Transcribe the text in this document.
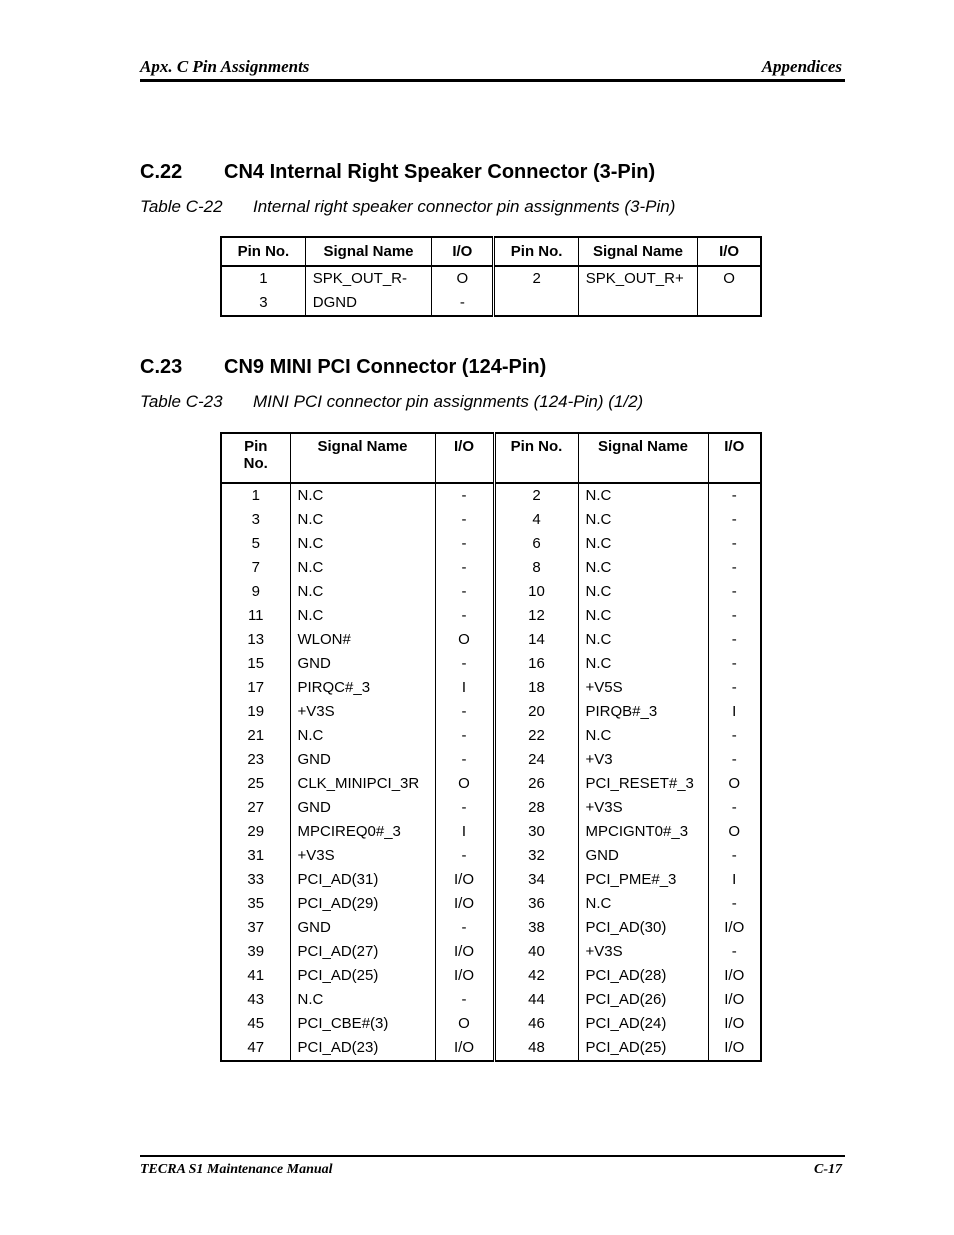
Apx. C Pin Assignments	Appendices
C.22 CN4 Internal Right Speaker Connector (3-Pin)
Table C-22 Internal right speaker connector pin assignments (3-Pin)
Pin No.	Signal Name	I/O	Pin No.	Signal Name	I/O
1	SPK_OUT_R-	O	2	SPK_OUT_R+	O
3	DGND	-			
C.23 CN9 MINI PCI Connector (124-Pin)
Table C-23 MINI PCI connector pin assignments (124-Pin) (1/2)
Pin No.	Signal Name	I/O	Pin No.	Signal Name	I/O
1	N.C	-	2	N.C	-
3	N.C	-	4	N.C	-
5	N.C	-	6	N.C	-
7	N.C	-	8	N.C	-
9	N.C	-	10	N.C	-
11	N.C	-	12	N.C	-
13	WLON#	O	14	N.C	-
15	GND	-	16	N.C	-
17	PIRQC#_3	I	18	+V5S	-
19	+V3S	-	20	PIRQB#_3	I
21	N.C	-	22	N.C	-
23	GND	-	24	+V3	-
25	CLK_MINIPCI_3R	O	26	PCI_RESET#_3	O
27	GND	-	28	+V3S	-
29	MPCIREQ0#_3	I	30	MPCIGNT0#_3	O
31	+V3S	-	32	GND	-
33	PCI_AD(31)	I/O	34	PCI_PME#_3	I
35	PCI_AD(29)	I/O	36	N.C	-
37	GND	-	38	PCI_AD(30)	I/O
39	PCI_AD(27)	I/O	40	+V3S	-
41	PCI_AD(25)	I/O	42	PCI_AD(28)	I/O
43	N.C	-	44	PCI_AD(26)	I/O
45	PCI_CBE#(3)	O	46	PCI_AD(24)	I/O
47	PCI_AD(23)	I/O	48	PCI_AD(25)	I/O
TECRA S1 Maintenance Manual	C-17
